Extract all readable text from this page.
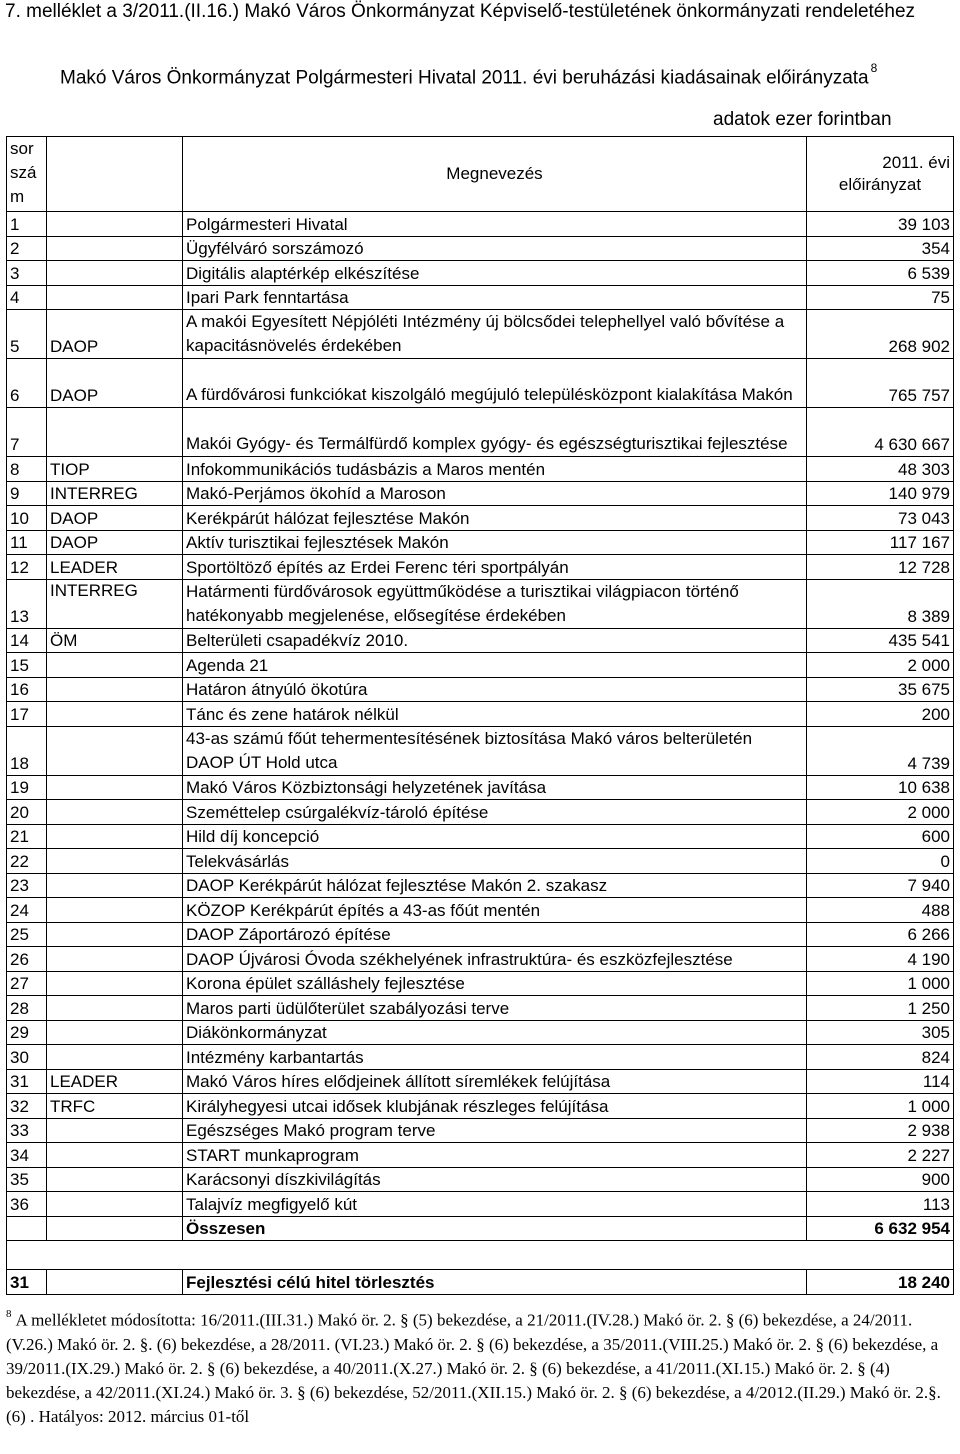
7. melléklet a 3/2011.(II.16.) Makó Város Önkormányzat Képviselő-testületének önkormányzati rendeletéhez
Makó Város Önkormányzat Polgármesteri Hivatal 2011. évi beruházási kiadásainak előirányzata $^8$
adatok ezer forintban
sor szá m		Megnevezés	2011. évi
előirányzat

1		Polgármesteri Hivatal	39 103
2		Ügyfélváró sorszámozó	354
3		Digitális alaptérkép elkészítése	6 539
4		Ipari Park fenntartása	75
5	DAOP	A makói Egyesített Népjóléti Intézmény új bölcsődei telephellyel való bővítése a kapacitásnövelés érdekében	268 902
6	DAOP	A fürdővárosi funkciókat kiszolgáló megújuló településközpont kialakítása Makón	765 757
7		Makói Gyógy- és Termálfürdő komplex gyógy- és egészségturisztikai fejlesztése	4 630 667
8	TIOP	Infokommunikációs tudásbázis a Maros mentén	48 303
9	INTERREG	Makó-Perjámos ökohíd a Maroson	140 979
10	DAOP	Kerékpárút hálózat fejlesztése Makón	73 043
11	DAOP	Aktív turisztikai fejlesztések Makón	117 167
12	LEADER	Sportöltöző építés az Erdei Ferenc téri sportpályán	12 728
13	INTERREG	Határmenti fürdővárosok együttműködése a turisztikai világpiacon történő hatékonyabb megjelenése, elősegítése érdekében	8 389
14	ÖM	Belterületi csapadékvíz 2010.	435 541
15		Agenda 21	2 000
16		Határon átnyúló ökotúra	35 675
17		Tánc és zene határok nélkül	200
18		43-as számú főút tehermentesítésének biztosítása Makó város belterületén DAOP ÚT Hold utca	4 739
19		Makó Város Közbiztonsági helyzetének javítása	10 638
20		Szeméttelep csúrgalékvíz-tároló építése	2 000
21		Hild díj koncepció	600
22		Telekvásárlás	0
23		DAOP Kerékpárút hálózat fejlesztése Makón 2. szakasz	7 940
24		KÖZOP Kerékpárút építés a 43-as főút mentén	488
25		DAOP Záportározó építése	6 266
26		DAOP Újvárosi Óvoda székhelyének infrastruktúra- és eszközfejlesztése	4 190
27		Korona épület szálláshely fejlesztése	1 000
28		Maros parti üdülőterület szabályozási terve	1 250
29		Diákönkormányzat	305
30		Intézmény karbantartás	824
31	LEADER	Makó Város híres elődjeinek állított síremlékek felújítása	114
32	TRFC	Királyhegyesi utcai idősek klubjának részleges felújítása	1 000
33		Egészséges Makó program terve	2 938
34		START munkaprogram	2 227
35		Karácsonyi díszkivilágítás	900
36		Talajvíz megfigyelő kút	113
		Összesen	6 632 954

31		Fejlesztési célú hitel törlesztés	18 240
$^8$ A mellékletet módosította: 16/2011.(III.31.) Makó ör. 2. § (5) bekezdése, a 21/2011.(IV.28.) Makó ör. 2. § (6) bekezdése, a 24/2011.(V.26.) Makó ör. 2. §. (6) bekezdése, a 28/2011. (VI.23.) Makó ör. 2. § (6) bekezdése, a 35/2011.(VIII.25.) Makó ör. 2. § (6) bekezdése, a 39/2011.(IX.29.) Makó ör. 2. § (6) bekezdése, a 40/2011.(X.27.) Makó ör. 2. § (6) bekezdése, a 41/2011.(XI.15.) Makó ör. 2. § (4) bekezdése, a 42/2011.(XI.24.) Makó ör. 3. § (6) bekezdése, 52/2011.(XII.15.) Makó ör. 2. § (6) bekezdése, a 4/2012.(II.29.) Makó ör. 2.§. (6) . Hatályos: 2012. március 01-től
